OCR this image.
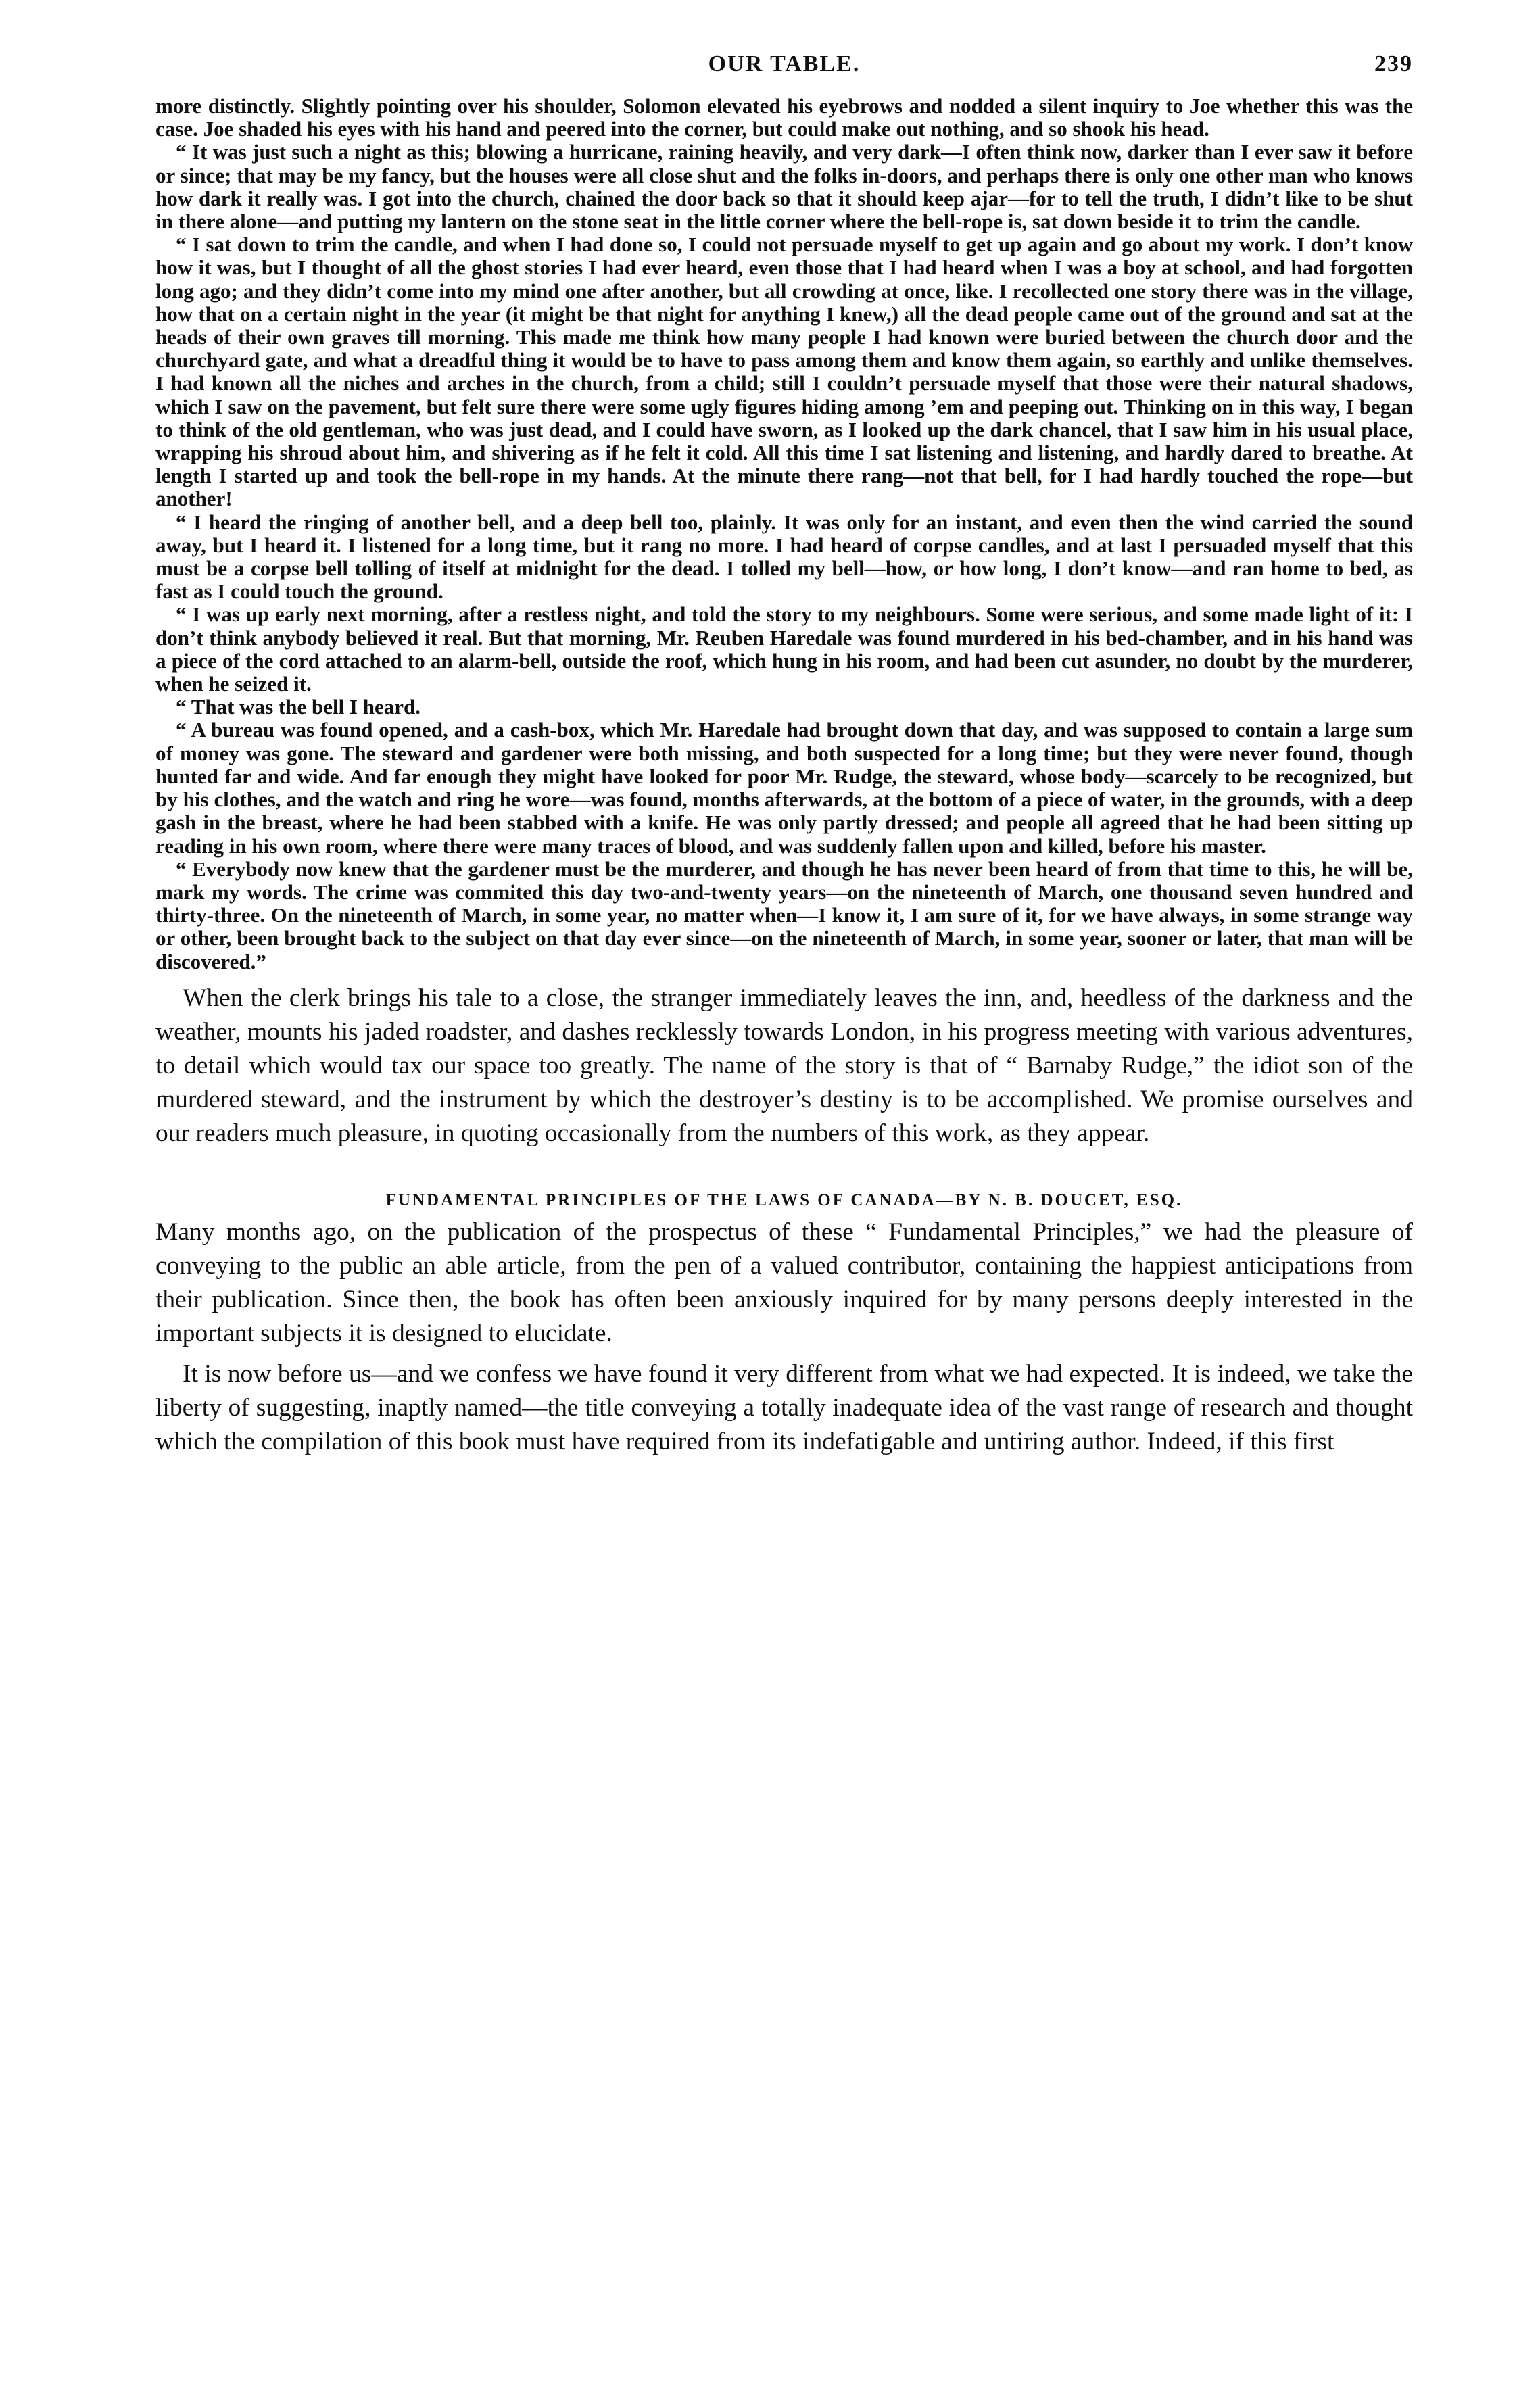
OUR TABLE.	239

more distinctly. Slightly pointing over his shoulder, Solomon elevated his eyebrows and nodded a silent inquiry to Joe whether this was the case. Joe shaded his eyes with his hand and peered into the corner, but could make out nothing, and so shook his head.

“ It was just such a night as this; blowing a hurricane, raining heavily, and very dark—I often think now, darker than I ever saw it before or since; that may be my fancy, but the houses were all close shut and the folks in-doors, and perhaps there is only one other man who knows how dark it really was. I got into the church, chained the door back so that it should keep ajar—for to tell the truth, I didn’t like to be shut in there alone—and putting my lantern on the stone seat in the little corner where the bell-rope is, sat down beside it to trim the candle.

“ I sat down to trim the candle, and when I had done so, I could not persuade myself to get up again and go about my work. I don’t know how it was, but I thought of all the ghost stories I had ever heard, even those that I had heard when I was a boy at school, and had forgotten long ago; and they didn’t come into my mind one after another, but all crowding at once, like. I recollected one story there was in the village, how that on a certain night in the year (it might be that night for anything I knew,) all the dead people came out of the ground and sat at the heads of their own graves till morning. This made me think how many people I had known were buried between the church door and the churchyard gate, and what a dreadful thing it would be to have to pass among them and know them again, so earthly and unlike themselves. I had known all the niches and arches in the church, from a child; still I couldn’t persuade myself that those were their natural shadows, which I saw on the pavement, but felt sure there were some ugly figures hiding among ’em and peeping out. Thinking on in this way, I began to think of the old gentleman, who was just dead, and I could have sworn, as I looked up the dark chancel, that I saw him in his usual place, wrapping his shroud about him, and shivering as if he felt it cold. All this time I sat listening and listening, and hardly dared to breathe. At length I started up and took the bell-rope in my hands. At the minute there rang—not that bell, for I had hardly touched the rope—but another!

“ I heard the ringing of another bell, and a deep bell too, plainly. It was only for an instant, and even then the wind carried the sound away, but I heard it. I listened for a long time, but it rang no more. I had heard of corpse candles, and at last I persuaded myself that this must be a corpse bell tolling of itself at midnight for the dead. I tolled my bell—how, or how long, I don’t know—and ran home to bed, as fast as I could touch the ground.

“ I was up early next morning, after a restless night, and told the story to my neighbours. Some were serious, and some made light of it: I don’t think anybody believed it real. But that morning, Mr. Reuben Haredale was found murdered in his bed-chamber, and in his hand was a piece of the cord attached to an alarm-bell, outside the roof, which hung in his room, and had been cut asunder, no doubt by the murderer, when he seized it.

“ That was the bell I heard.

“ A bureau was found opened, and a cash-box, which Mr. Haredale had brought down that day, and was supposed to contain a large sum of money was gone. The steward and gardener were both missing, and both suspected for a long time; but they were never found, though hunted far and wide. And far enough they might have looked for poor Mr. Rudge, the steward, whose body—scarcely to be recognized, but by his clothes, and the watch and ring he wore—was found, months afterwards, at the bottom of a piece of water, in the grounds, with a deep gash in the breast, where he had been stabbed with a knife. He was only partly dressed; and people all agreed that he had been sitting up reading in his own room, where there were many traces of blood, and was suddenly fallen upon and killed, before his master.

“ Everybody now knew that the gardener must be the murderer, and though he has never been heard of from that time to this, he will be, mark my words. The crime was commited this day two-and-twenty years—on the nineteenth of March, one thousand seven hundred and thirty-three. On the nineteenth of March, in some year, no matter when—I know it, I am sure of it, for we have always, in some strange way or other, been brought back to the subject on that day ever since—on the nineteenth of March, in some year, sooner or later, that man will be discovered.”

When the clerk brings his tale to a close, the stranger immediately leaves the inn, and, heedless of the darkness and the weather, mounts his jaded roadster, and dashes recklessly towards London, in his progress meeting with various adventures, to detail which would tax our space too greatly. The name of the story is that of “ Barnaby Rudge,” the idiot son of the murdered steward, and the instrument by which the destroyer’s destiny is to be accomplished. We promise ourselves and our readers much pleasure, in quoting occasionally from the numbers of this work, as they appear.

FUNDAMENTAL PRINCIPLES OF THE LAWS OF CANADA—BY N. B. DOUCET, ESQ.

Many months ago, on the publication of the prospectus of these “ Fundamental Principles,” we had the pleasure of conveying to the public an able article, from the pen of a valued contributor, containing the happiest anticipations from their publication. Since then, the book has often been anxiously inquired for by many persons deeply interested in the important subjects it is designed to elucidate.

It is now before us—and we confess we have found it very different from what we had expected. It is indeed, we take the liberty of suggesting, inaptly named—the title conveying a totally inadequate idea of the vast range of research and thought which the compilation of this book must have required from its indefatigable and untiring author. Indeed, if this first
